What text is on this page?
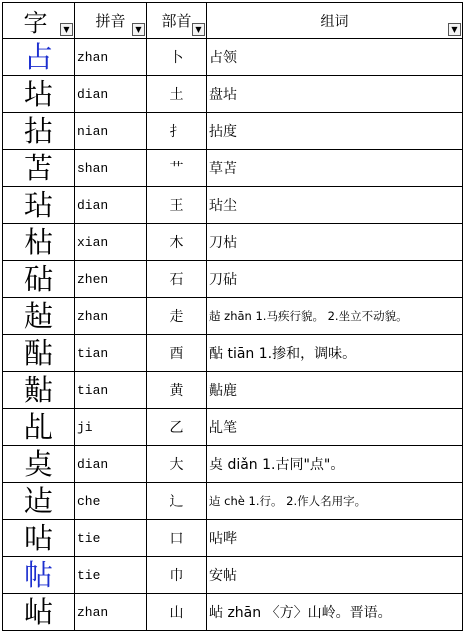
字 ▼	拼音 ▼	部首 ▼	组词 ▼

占	zhan	卜	占领
坫	dian	土	盘坫
拈	nian	扌	拈度
苫	shan	艹	草苫
玷	dian	王	玷尘
枮	xian	木	刀枮
砧	zhen	石	刀砧
趈	zhan	走	趈 zhān 1.马疾行貌。 2.坐立不动貌。
酟	tian	酉	酟 tiān 1.掺和，调味。
黇	tian	黄	黇鹿
乩	ji	乙	乩笔
奌	dian	大	奌 diǎn 1.古同"点"。
迠	che	辶	迠 chè 1.行。 2.作人名用字。
呫	tie	口	呫哔
帖	tie	巾	安帖
岾	zhan	山	岾 zhān 〈方〉山岭。晋语。
